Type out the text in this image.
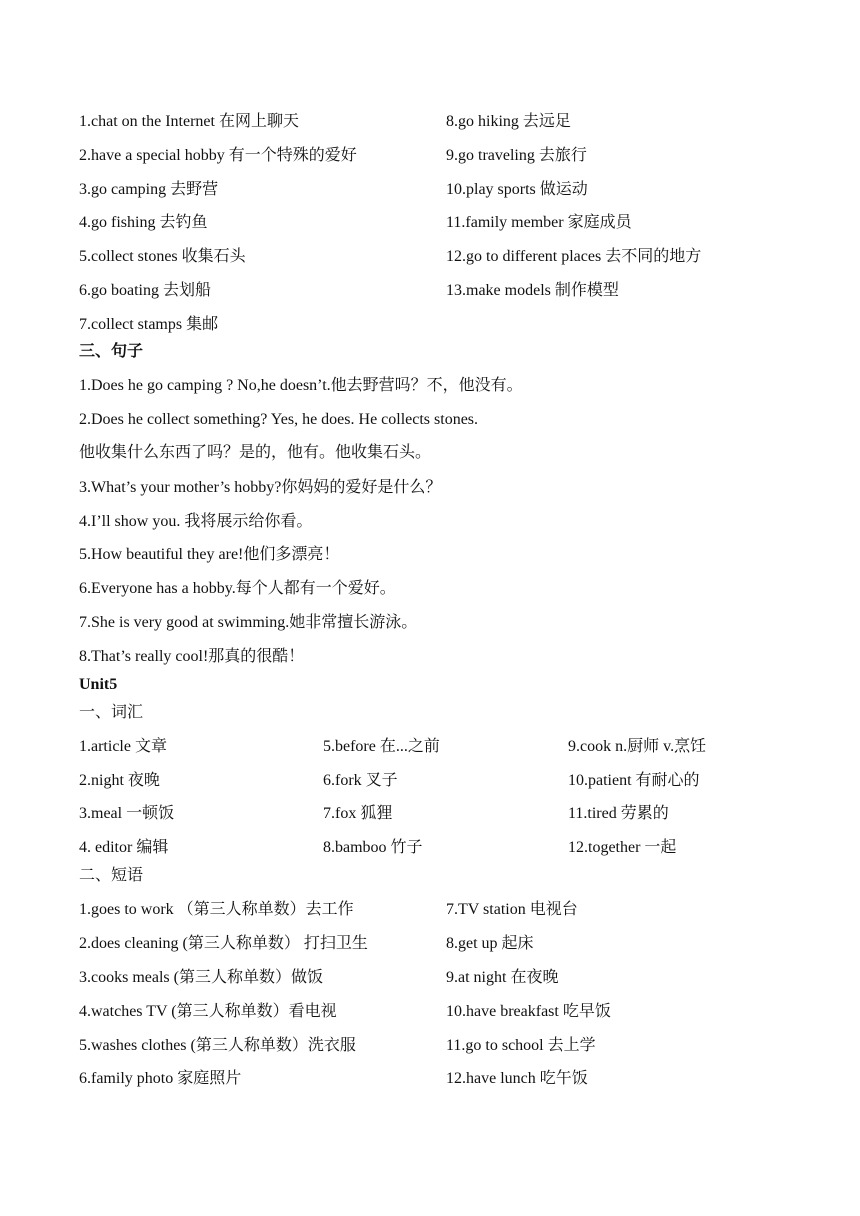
1.chat on the Internet 在网上聊天	8.go hiking 去远足
2.have a special hobby 有一个特殊的爱好	9.go traveling 去旅行
3.go camping 去野营	10.play sports 做运动
4.go fishing 去钓鱼	11.family member 家庭成员
5.collect stones 收集石头	12.go to different places 去不同的地方
6.go boating 去划船	13.make models 制作模型
7.collect stamps 集邮
三、句子
1.Does he go camping ? No,he doesn’t.他去野营吗？不，他没有。
2.Does he collect something? Yes, he does. He collects stones.
他收集什么东西了吗？是的，他有。他收集石头。
3.What’s your mother’s hobby?你妈妈的爱好是什么？
4.I’ll show you. 我将展示给你看。
5.How beautiful they are!他们多漂亮！
6.Everyone has a hobby.每个人都有一个爱好。
7.She is very good at swimming.她非常擅长游泳。
8.That’s really cool!那真的很酷！
Unit5
一、词汇
1.article 文章	5.before 在...之前	9.cook n.厨师 v.烹饪
2.night 夜晚	6.fork 叉子	10.patient 有耐心的
3.meal 一顿饭	7.fox 狐狸	11.tired 劳累的
4. editor 编辑	8.bamboo 竹子	12.together 一起
二、短语
1.goes to work （第三人称单数）去工作	7.TV station 电视台
2.does cleaning (第三人称单数） 打扫卫生	8.get up 起床
3.cooks meals (第三人称单数）做饭	9.at night 在夜晚
4.watches TV (第三人称单数）看电视	10.have breakfast 吃早饭
5.washes clothes (第三人称单数）洗衣服	11.go to school 去上学
6.family photo 家庭照片	12.have lunch 吃午饭
